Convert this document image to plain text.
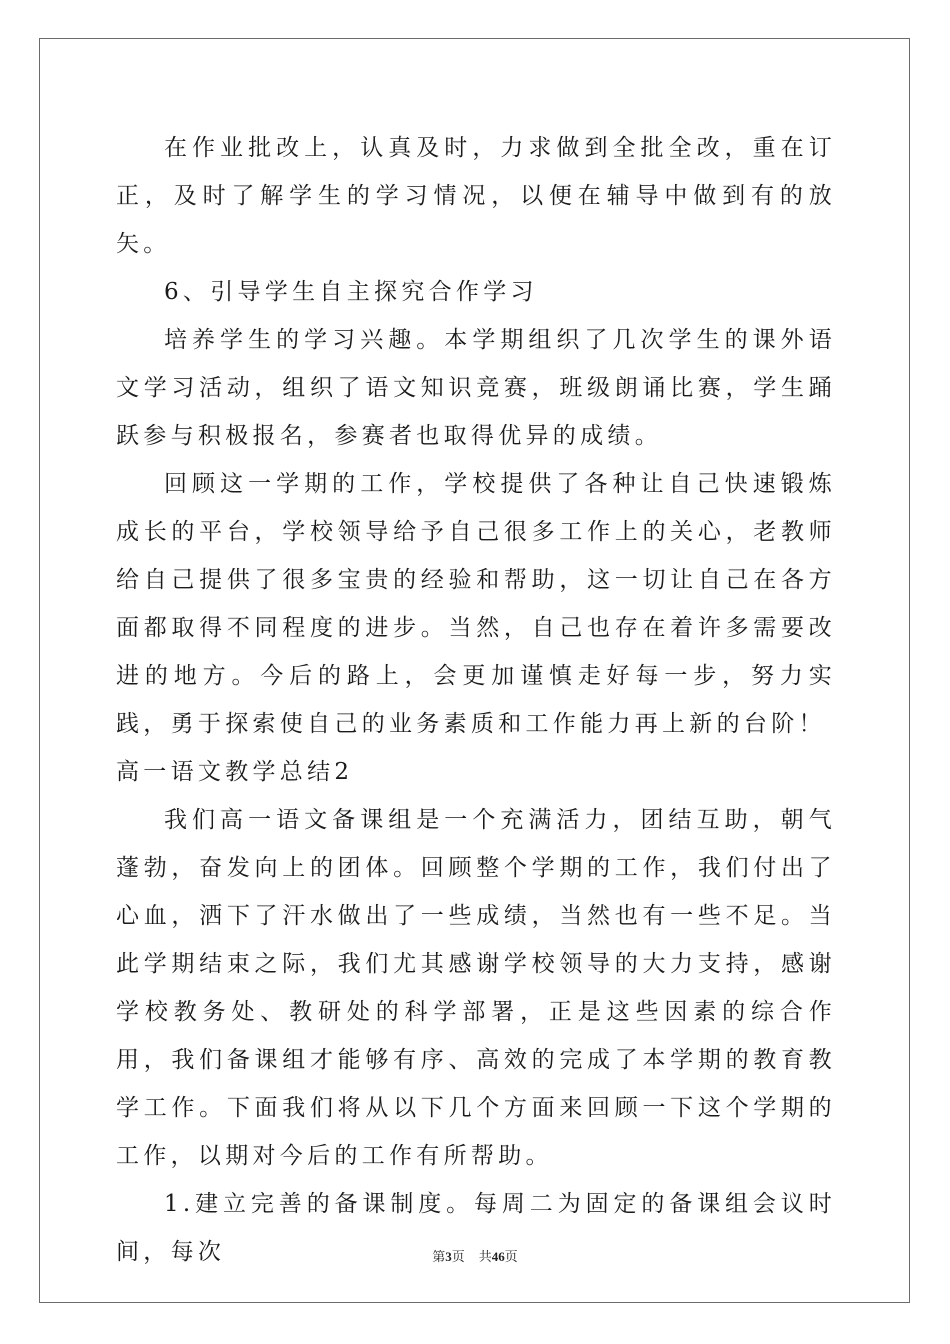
在作业批改上，认真及时，力求做到全批全改，重在订正，及时了解学生的学习情况，以便在辅导中做到有的放矢。

6、引导学生自主探究合作学习

培养学生的学习兴趣。本学期组织了几次学生的课外语文学习活动，组织了语文知识竞赛，班级朗诵比赛，学生踊跃参与积极报名，参赛者也取得优异的成绩。

回顾这一学期的工作，学校提供了各种让自己快速锻炼成长的平台，学校领导给予自己很多工作上的关心，老教师给自己提供了很多宝贵的经验和帮助，这一切让自己在各方面都取得不同程度的进步。当然，自己也存在着许多需要改进的地方。今后的路上，会更加谨慎走好每一步，努力实践，勇于探索使自己的业务素质和工作能力再上新的台阶！

高一语文教学总结2

我们高一语文备课组是一个充满活力，团结互助，朝气蓬勃，奋发向上的团体。回顾整个学期的工作，我们付出了心血，洒下了汗水做出了一些成绩，当然也有一些不足。当此学期结束之际，我们尤其感谢学校领导的大力支持，感谢学校教务处、教研处的科学部署，正是这些因素的综合作用，我们备课组才能够有序、高效的完成了本学期的教育教学工作。下面我们将从以下几个方面来回顾一下这个学期的工作，以期对今后的工作有所帮助。

1.建立完善的备课制度。每周二为固定的备课组会议时间，每次	第3页 共46页
